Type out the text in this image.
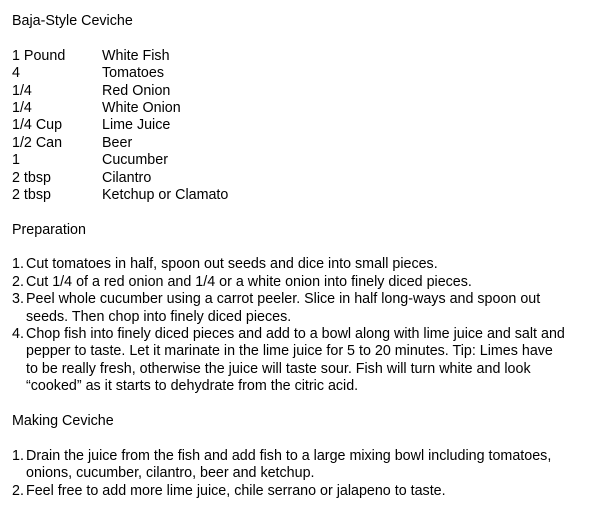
Baja-Style Ceviche
1 Pound	White Fish
4	Tomatoes
1/4	Red Onion
1/4	White Onion
1/4 Cup	Lime Juice
1/2 Can	Beer
1	Cucumber
2 tbsp	Cilantro
2 tbsp	Ketchup or Clamato
Preparation
1. Cut tomatoes in half, spoon out seeds and dice into small pieces.
2. Cut 1/4 of a red onion and 1/4 or a white onion into finely diced pieces.
3. Peel whole cucumber using a carrot peeler. Slice in half long-ways and spoon out
seeds. Then chop into finely diced pieces.
4. Chop fish into finely diced pieces and add to a bowl along with lime juice and salt and
pepper to taste. Let it marinate in the lime juice for 5 to 20 minutes. Tip: Limes have
to be really fresh, otherwise the juice will taste sour. Fish will turn white and look
“cooked” as it starts to dehydrate from the citric acid.
Making Ceviche
1. Drain the juice from the fish and add fish to a large mixing bowl including tomatoes,
onions, cucumber, cilantro, beer and ketchup.
2. Feel free to add more lime juice, chile serrano or jalapeno to taste.
